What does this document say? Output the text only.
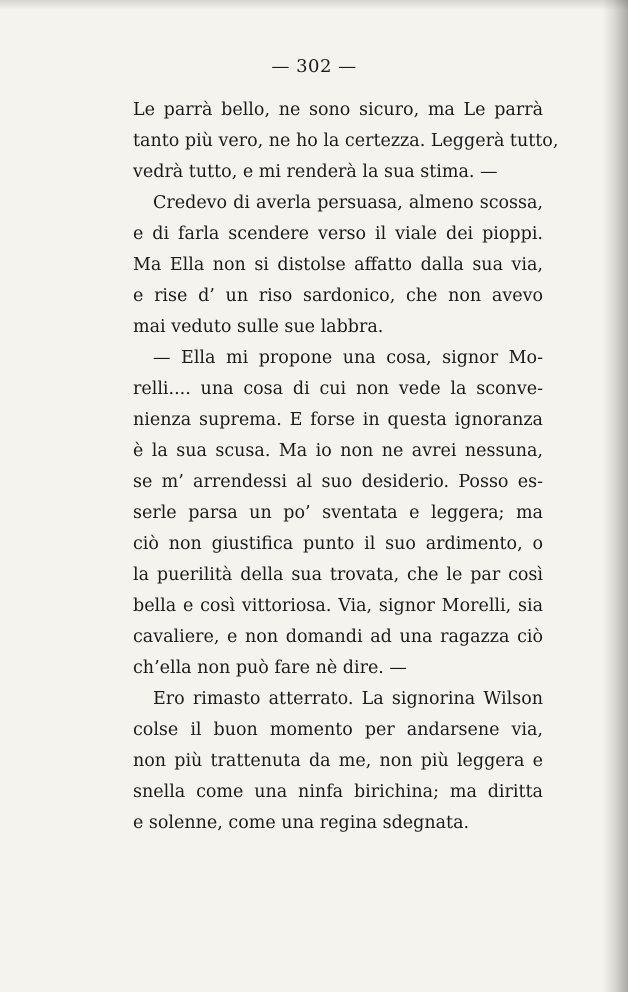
— 302 —

Le parrà bello, ne sono sicuro, ma Le parrà
tanto più vero, ne ho la certezza. Leggerà tutto,
vedrà tutto, e mi renderà la sua stima. —

Credevo di averla persuasa, almeno scossa,
e di farla scendere verso il viale dei pioppi.
Ma Ella non si distolse affatto dalla sua via,
e rise d’ un riso sardonico, che non avevo
mai veduto sulle sue labbra.

— Ella mi propone una cosa, signor Mo-
relli.... una cosa di cui non vede la sconve-
nienza suprema. E forse in questa ignoranza
è la sua scusa. Ma io non ne avrei nessuna,
se m’ arrendessi al suo desiderio. Posso es-
serle parsa un po’ sventata e leggera; ma
ciò non giustifica punto il suo ardimento, o
la puerilità della sua trovata, che le par così
bella e così vittoriosa. Via, signor Morelli, sia
cavaliere, e non domandi ad una ragazza ciò
ch’ella non può fare nè dire. —

Ero rimasto atterrato. La signorina Wilson
colse il buon momento per andarsene via,
non più trattenuta da me, non più leggera e
snella come una ninfa birichina; ma diritta
e solenne, come una regina sdegnata.
